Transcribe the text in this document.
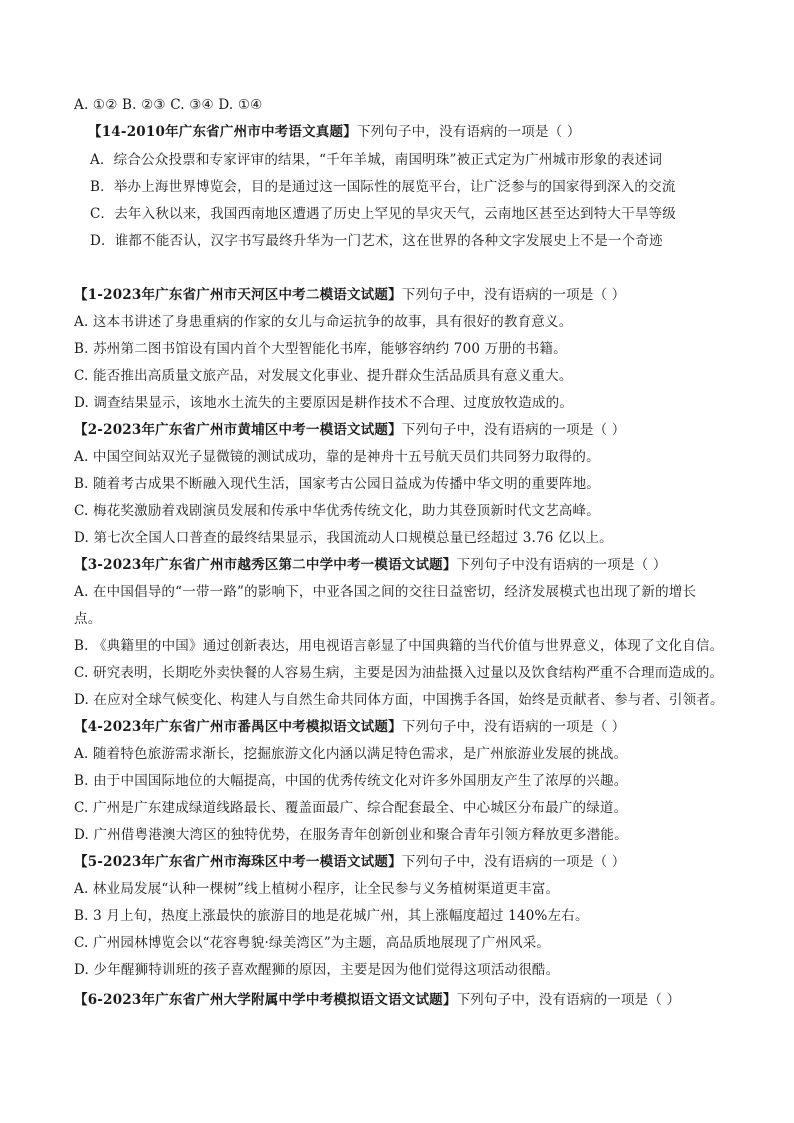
A. ①② B. ②③ C. ③④ D. ①④
【14-2010年广东省广州市中考语文真题】下列句子中，没有语病的一项是（ ）
A．综合公众投票和专家评审的结果，“千年羊城，南国明珠”被正式定为广州城市形象的表述词
B．举办上海世界博览会，目的是通过这一国际性的展览平台，让广泛参与的国家得到深入的交流
C．去年入秋以来，我国西南地区遭遇了历史上罕见的旱灾天气，云南地区甚至达到特大干旱等级
D．谁都不能否认，汉字书写最终升华为一门艺术，这在世界的各种文字发展史上不是一个奇迹
【1-2023年广东省广州市天河区中考二模语文试题】下列句子中，没有语病的一项是（ ）
A. 这本书讲述了身患重病的作家的女儿与命运抗争的故事，具有很好的教育意义。
B. 苏州第二图书馆设有国内首个大型智能化书库，能够容纳约 700 万册的书籍。
C. 能否推出高质量文旅产品，对发展文化事业、提升群众生活品质具有意义重大。
D. 调查结果显示，该地水土流失的主要原因是耕作技术不合理、过度放牧造成的。
【2-2023年广东省广州市黄埔区中考一模语文试题】下列句子中，没有语病的一项是（ ）
A. 中国空间站双光子显微镜的测试成功，靠的是神舟十五号航天员们共同努力取得的。
B. 随着考古成果不断融入现代生活，国家考古公园日益成为传播中华文明的重要阵地。
C. 梅花奖激励着戏剧演员发展和传承中华优秀传统文化，助力其登顶新时代文艺高峰。
D. 第七次全国人口普查的最终结果显示，我国流动人口规模总量已经超过 3.76 亿以上。
【3-2023年广东省广州市越秀区第二中学中考一模语文试题】下列句子中没有语病的一项是（ ）
A. 在中国倡导的“一带一路”的影响下，中亚各国之间的交往日益密切，经济发展模式也出现了新的增长
点。
B. 《典籍里的中国》通过创新表达，用电视语言彰显了中国典籍的当代价值与世界意义，体现了文化自信。
C. 研究表明，长期吃外卖快餐的人容易生病，主要是因为油盐摄入过量以及饮食结构严重不合理而造成的。
D. 在应对全球气候变化、构建人与自然生命共同体方面，中国携手各国，始终是贡献者、参与者、引领者。
【4-2023年广东省广州市番禺区中考模拟语文试题】下列句子中，没有语病的一项是（ ）
A. 随着特色旅游需求渐长，挖掘旅游文化内涵以满足特色需求，是广州旅游业发展的挑战。
B. 由于中国国际地位的大幅提高，中国的优秀传统文化对许多外国朋友产生了浓厚的兴趣。
C. 广州是广东建成绿道线路最长、覆盖面最广、综合配套最全、中心城区分布最广的绿道。
D. 广州借粤港澳大湾区的独特优势，在服务青年创新创业和聚合青年引领方释放更多潜能。
【5-2023年广东省广州市海珠区中考一模语文试题】下列句子中，没有语病的一项是（ ）
A. 林业局发展“认种一棵树”线上植树小程序，让全民参与义务植树渠道更丰富。
B. 3 月上旬，热度上涨最快的旅游目的地是花城广州，其上涨幅度超过 140%左右。
C. 广州园林博览会以“花容粤貌·绿美湾区”为主题，高品质地展现了广州风采。
D. 少年醒狮特训班的孩子喜欢醒狮的原因，主要是因为他们觉得这项活动很酷。
【6-2023年广东省广州大学附属中学中考模拟语文语文试题】下列句子中，没有语病的一项是（ ）
